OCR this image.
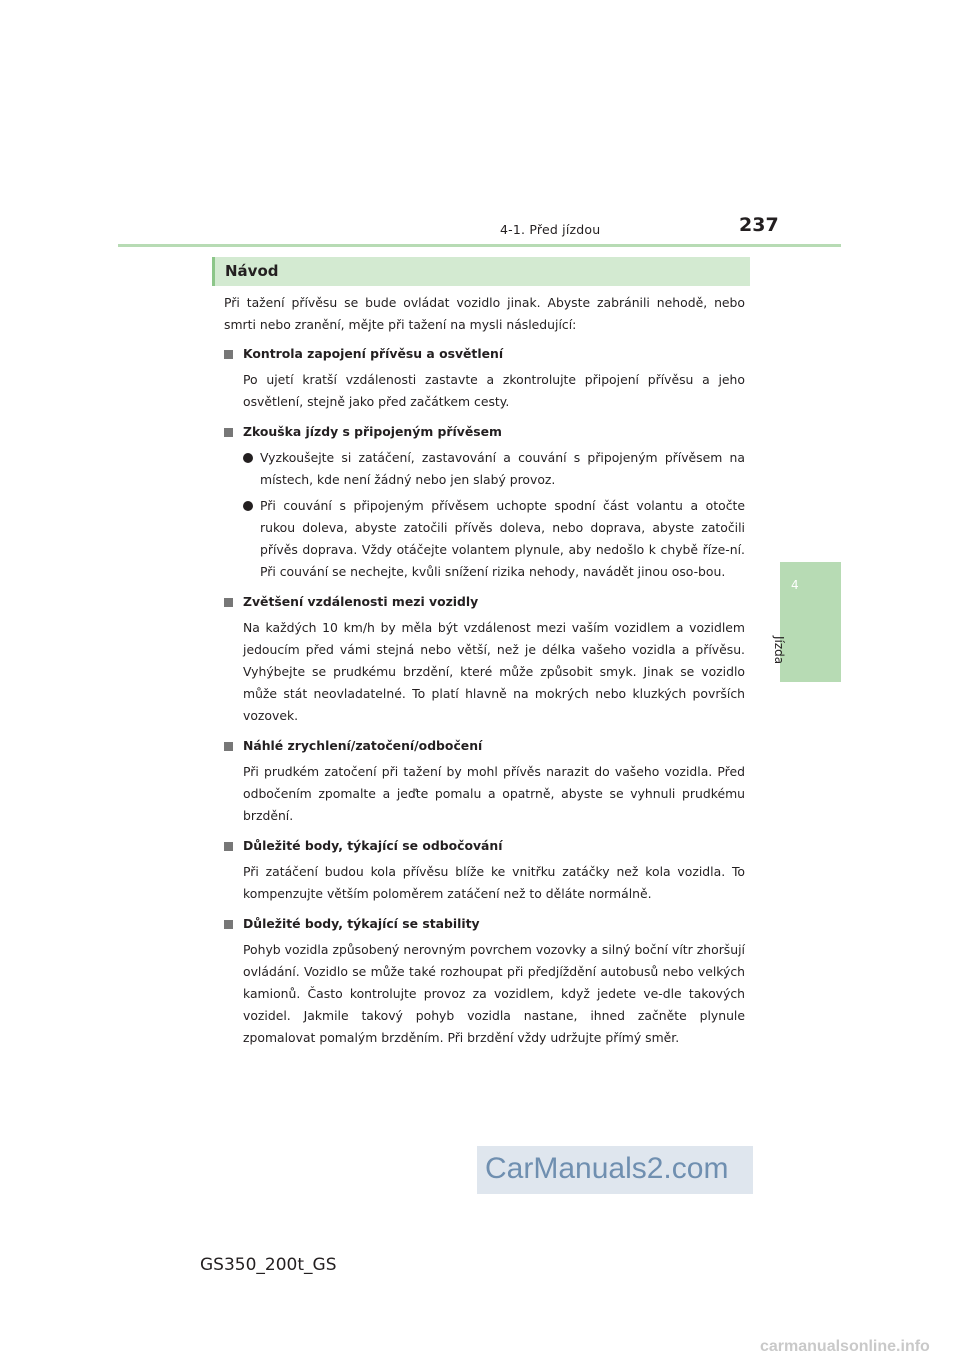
4-1. Před jízdou	237
4
Jízda
Návod

Při tažení přívěsu se bude ovládat vozidlo jinak. Abyste zabránili nehodě, nebo smrti nebo zranění, mějte při tažení na mysli následující:

Kontrola zapojení přívěsu a osvětlení

Po ujetí kratší vzdálenosti zastavte a zkontrolujte připojení přívěsu a jeho osvětlení, stejně jako před začátkem cesty.

Zkouška jízdy s připojeným přívěsem

Vyzkoušejte si zatáčení, zastavování a couvání s připojeným přívěsem na místech, kde není žádný nebo jen slabý provoz.

Při couvání s připojeným přívěsem uchopte spodní část volantu a otočte rukou doleva, abyste zatočili přívěs doleva, nebo doprava, abyste zatočili přívěs doprava. Vždy otáčejte volantem plynule, aby nedošlo k chybě říze-ní. Při couvání se nechejte, kvůli snížení rizika nehody, navádět jinou oso-bou.

Zvětšení vzdálenosti mezi vozidly

Na každých 10 km/h by měla být vzdálenost mezi vaším vozidlem a vozidlem jedoucím před vámi stejná nebo větší, než je délka vašeho vozidla a přívěsu. Vyhýbejte se prudkému brzdění, které může způsobit smyk. Jinak se vozidlo může stát neovladatelné. To platí hlavně na mokrých nebo kluzkých površích vozovek.

Náhlé zrychlení/zatočení/odbočení

Při prudkém zatočení při tažení by mohl přívěs narazit do vašeho vozidla. Před odbočením zpomalte a jeďte pomalu a opatrně, abyste se vyhnuli prudkému brzdění.

Důležité body, týkající se odbočování

Při zatáčení budou kola přívěsu blíže ke vnitřku zatáčky než kola vozidla. To kompenzujte větším poloměrem zatáčení než to děláte normálně.

Důležité body, týkající se stability

Pohyb vozidla způsobený nerovným povrchem vozovky a silný boční vítr zhoršují ovládání. Vozidlo se může také rozhoupat při předjíždění autobusů nebo velkých kamionů. Často kontrolujte provoz za vozidlem, když jedete ve-dle takových vozidel. Jakmile takový pohyb vozidla nastane, ihned začněte plynule zpomalovat pomalým brzděním. Při brzdění vždy udržujte přímý směr.

CarManuals2.com
GS350_200t_GS
carmanualsonline.info
